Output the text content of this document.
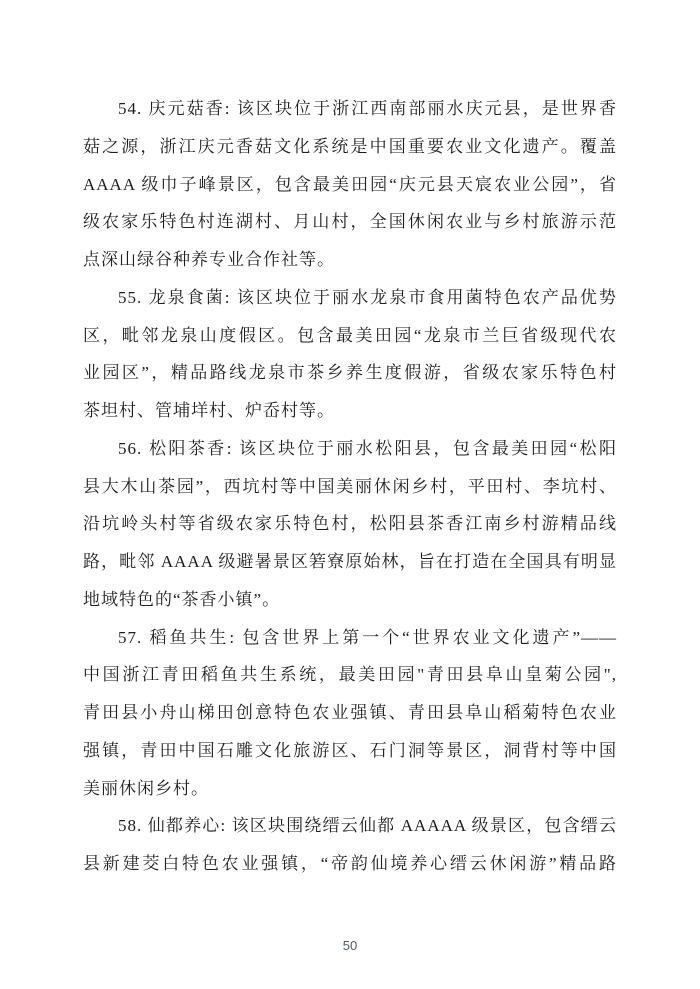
54. 庆元菇香: 该区块位于浙江西南部丽水庆元县，是世界香
菇之源，浙江庆元香菇文化系统是中国重要农业文化遗产。覆盖
AAAA 级巾子峰景区，包含最美田园“庆元县天宸农业公园”，省
级农家乐特色村连湖村、月山村，全国休闲农业与乡村旅游示范
点深山绿谷种养专业合作社等。
55. 龙泉食菌: 该区块位于丽水龙泉市食用菌特色农产品优势
区，毗邻龙泉山度假区。包含最美田园“龙泉市兰巨省级现代农
业园区”，精品路线龙泉市茶乡养生度假游，省级农家乐特色村
茶坦村、管埔垟村、炉岙村等。
56. 松阳茶香: 该区块位于丽水松阳县，包含最美田园“松阳
县大木山茶园”，西坑村等中国美丽休闲乡村，平田村、李坑村、
沿坑岭头村等省级农家乐特色村，松阳县茶香江南乡村游精品线
路，毗邻 AAAA 级避暑景区箬寮原始林，旨在打造在全国具有明显
地域特色的“茶香小镇”。
57. 稻鱼共生: 包含世界上第一个“世界农业文化遗产”——
中国浙江青田稻鱼共生系统，最美田园"青田县阜山皇菊公园",
青田县小舟山梯田创意特色农业强镇、青田县阜山稻菊特色农业
强镇，青田中国石雕文化旅游区、石门洞等景区，洞背村等中国
美丽休闲乡村。
58. 仙都养心: 该区块围绕缙云仙都 AAAAA 级景区，包含缙云
县新建茭白特色农业强镇，“帝韵仙境养心缙云休闲游”精品路
50
